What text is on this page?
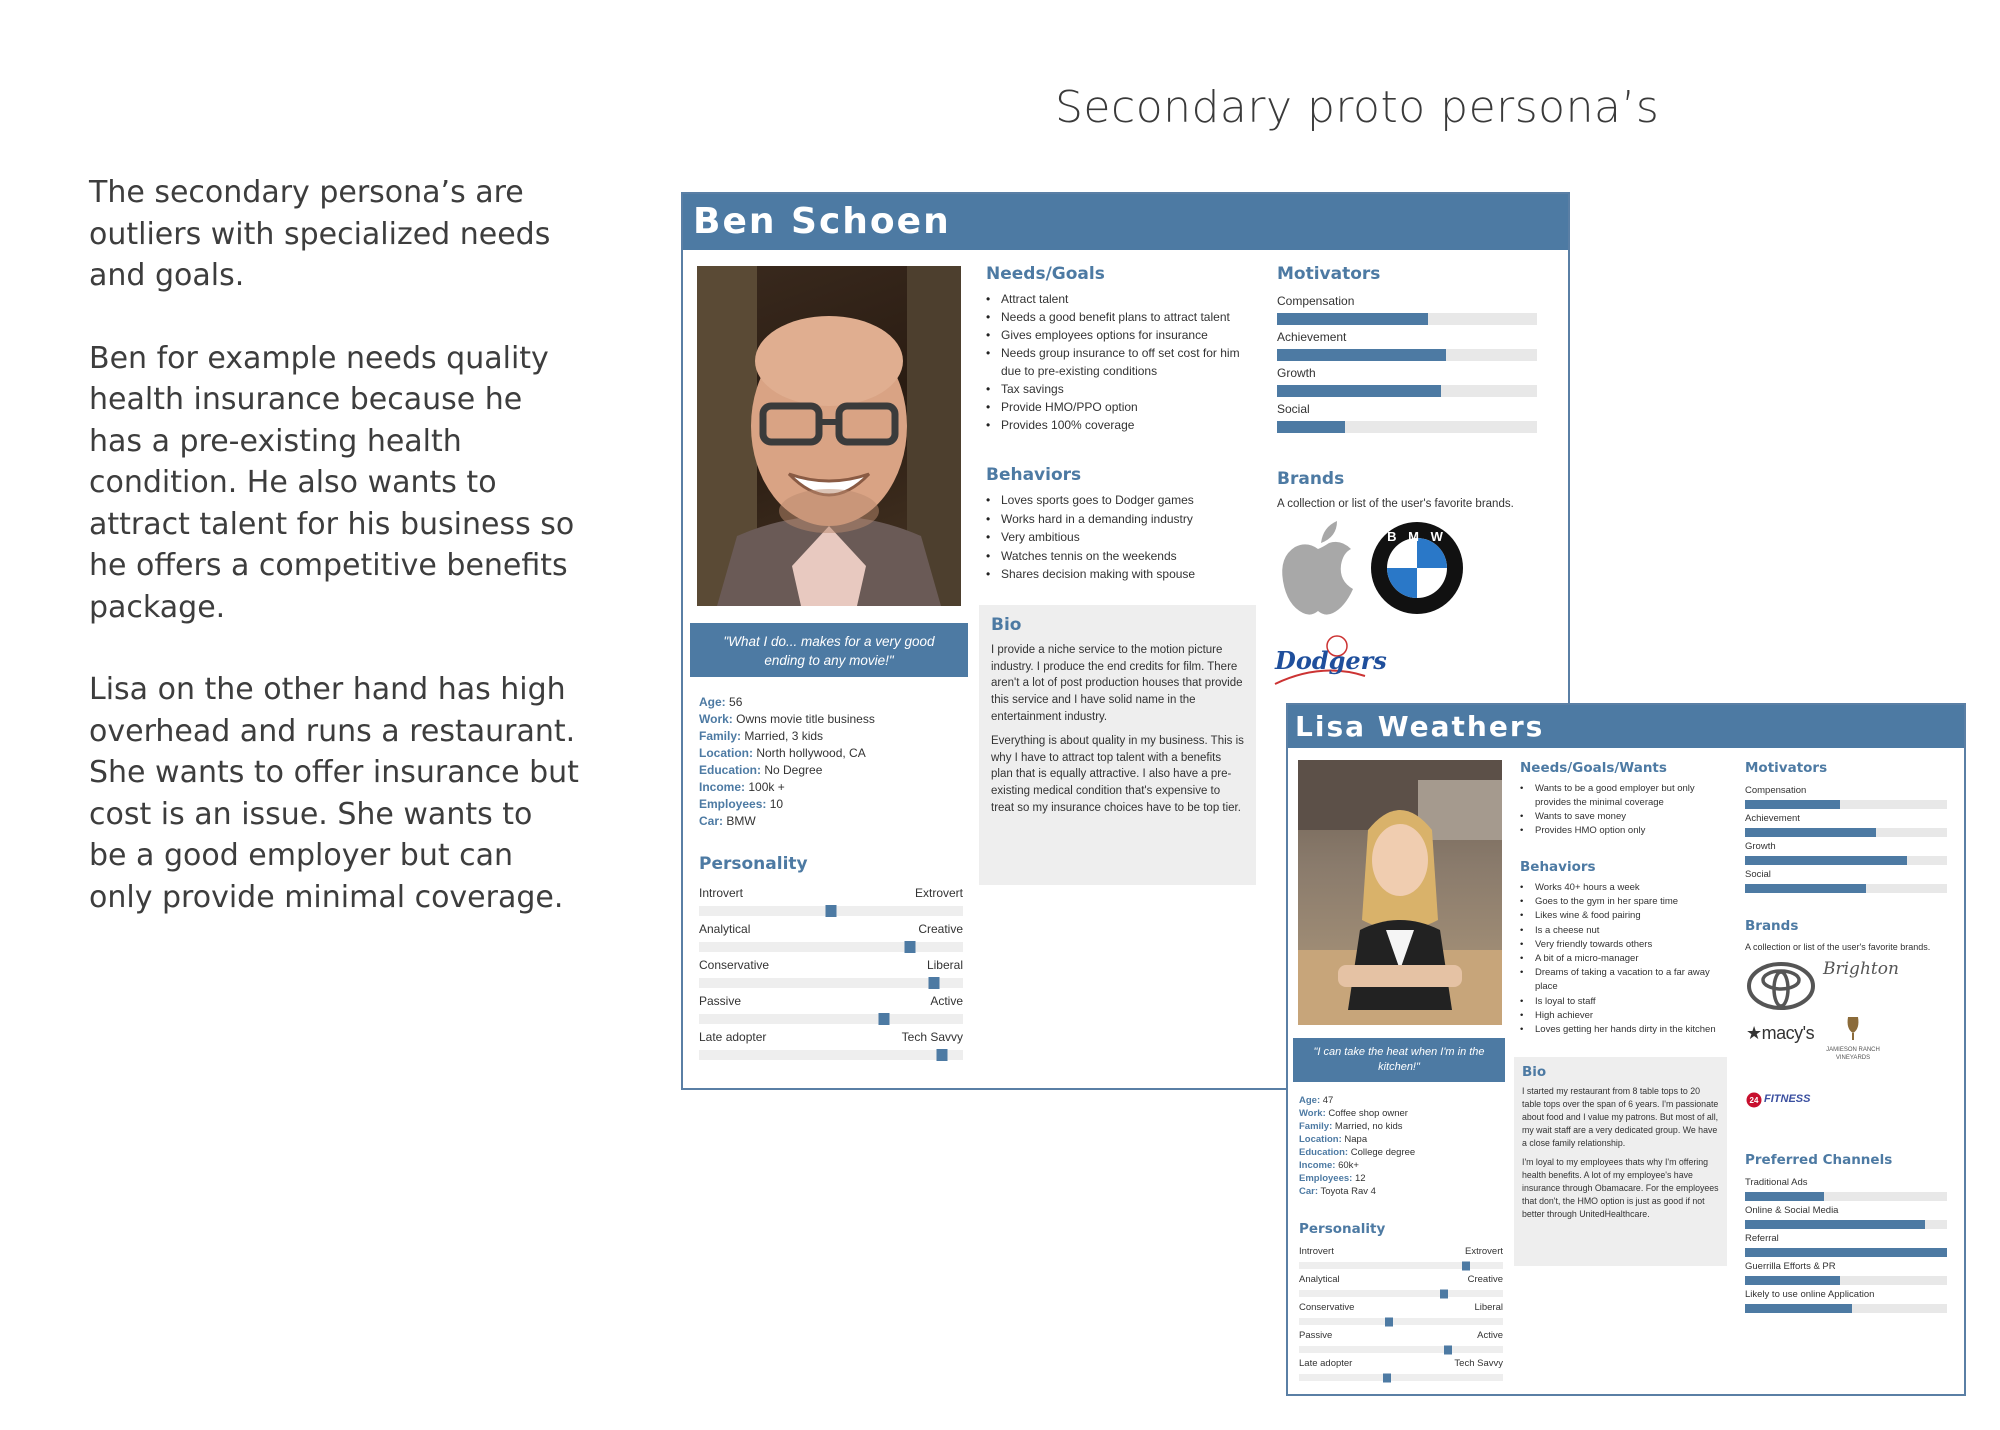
Secondary proto persona’s

The secondary persona’s are outliers with specialized needs and goals.

Ben for example needs quality health insurance because he has a pre-existing health condition. He also wants to attract talent for his business so he offers a competitive benefits package.

Lisa on the other hand has high overhead and runs a restaurant. She wants to offer insurance but cost is an issue. She wants to be a good employer but can only provide minimal coverage.

Ben Schoen
"What I do... makes for a very good ending to any movie!"
Age: 56
Work: Owns movie title business
Family: Married, 3 kids
Location: North hollywood, CA
Education: No Degree
Income: 100k +
Employees: 10
Car: BMW
Personality
Introvert	Extrovert
Analytical	Creative
Conservative	Liberal
Passive	Active
Late adopter	Tech Savvy
Needs/Goals
• Attract talent
• Needs a good benefit plans to attract talent
• Gives employees options for insurance
• Needs group insurance to off set cost for him due to pre-existing conditions
• Tax savings
• Provide HMO/PPO option
• Provides 100% coverage
Behaviors
• Loves sports goes to Dodger games
• Works hard in a demanding industry
• Very ambitious
• Watches tennis on the weekends
• Shares decision making with spouse
Bio

I provide a niche service to the motion picture industry. I produce the end credits for film. There aren't a lot of post production houses that provide this service and I have solid name in the entertainment industry.

Everything is about quality in my business. This is why I have to attract top talent with a benefits plan that is equally attractive. I also have a pre-existing medical condition that's expensive to treat so my insurance choices have to be top tier.

Motivators
Compensation
Achievement
Growth
Social
Brands
A collection or list of the user's favorite brands.
B M W
Dodgers
Lisa Weathers
"I can take the heat when I'm in the kitchen!"
Age: 47
Work: Coffee shop owner
Family: Married, no kids
Location: Napa
Education: College degree
Income: 60k+
Employees: 12
Car: Toyota Rav 4
Personality
Introvert	Extrovert
Analytical	Creative
Conservative	Liberal
Passive	Active
Late adopter	Tech Savvy
Needs/Goals/Wants
• Wants to be a good employer but only provides the minimal coverage
• Wants to save money
• Provides HMO option only
Behaviors
• Works 40+ hours a week
• Goes to the gym in her spare time
• Likes wine & food pairing
• Is a cheese nut
• Very friendly towards others
• A bit of a micro-manager
• Dreams of taking a vacation to a far away place
• Is loyal to staff
• High achiever
• Loves getting her hands dirty in the kitchen
Bio

I started my restaurant from 8 table tops to 20 table tops over the span of 6 years. I'm passionate about food and I value my patrons. But most of all, my wait staff are a very dedicated group. We have a close family relationship.

I'm loyal to my employees thats why I'm offering health benefits. A lot of my employee's have insurance through Obamacare. For the employees that don't, the HMO option is just as good if not better through UnitedHealthcare.

Motivators
Compensation
Achievement
Growth
Social
Brands
A collection or list of the user's favorite brands.
Brighton
★macy's
JAMIESON RANCH VINEYARDS
24 FITNESS
Preferred Channels
Traditional Ads
Online & Social Media
Referral
Guerrilla Efforts & PR
Likely to use online Application
